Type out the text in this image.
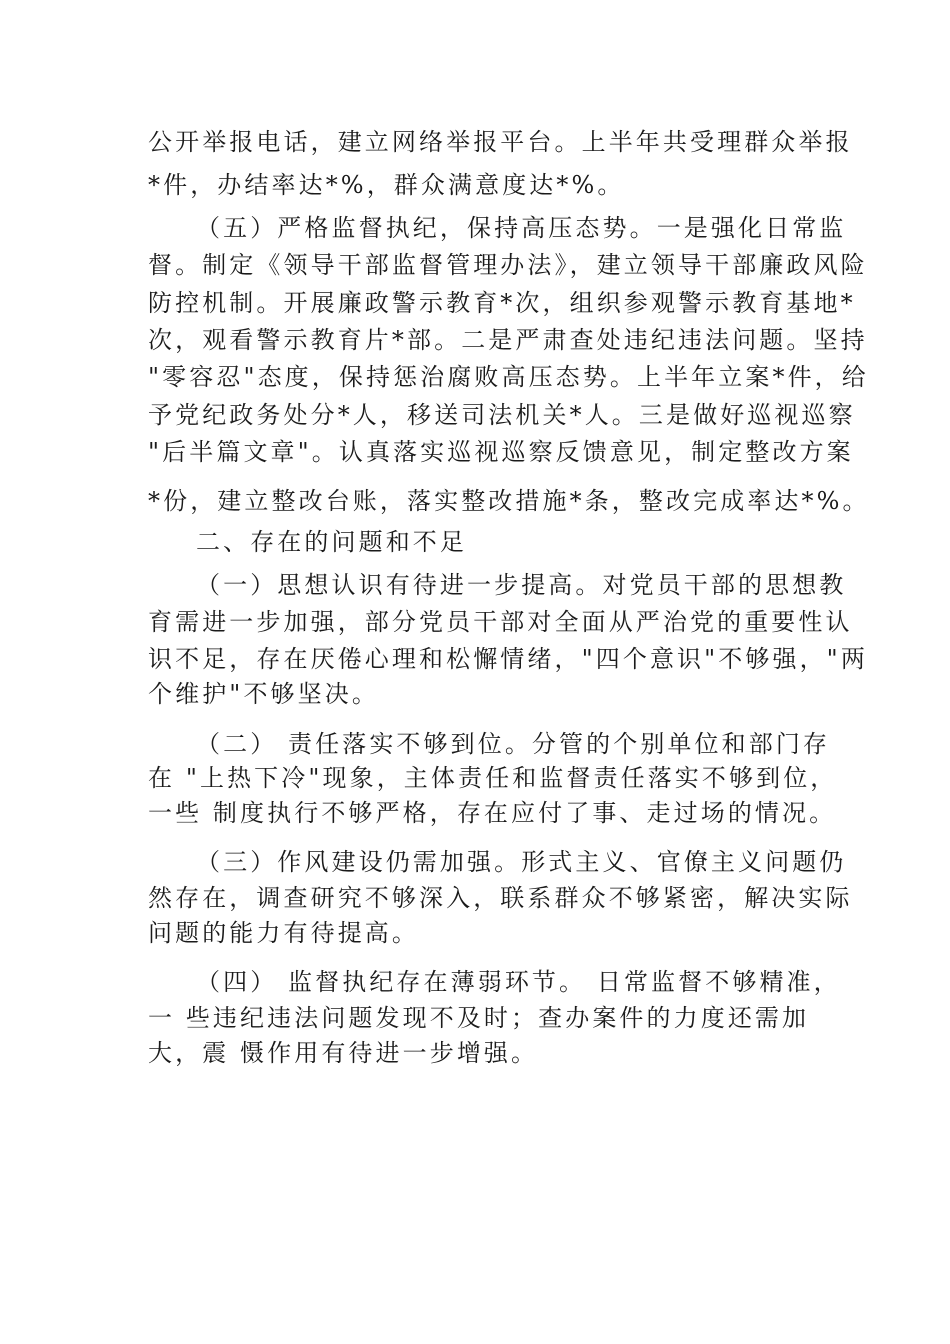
公开举报电话，建立网络举报平台。上半年共受理群众举报
*件，办结率达*%，群众满意度达*%。
（五）严格监督执纪，保持高压态势。一是强化日常监
督。制定《领导干部监督管理办法》，建立领导干部廉政风险
防控机制。开展廉政警示教育*次，组织参观警示教育基地*
次，观看警示教育片*部。二是严肃查处违纪违法问题。坚持
"零容忍"态度，保持惩治腐败高压态势。上半年立案*件，给
予党纪政务处分*人，移送司法机关*人。三是做好巡视巡察
"后半篇文章"。认真落实巡视巡察反馈意见，制定整改方案
*份，建立整改台账，落实整改措施*条，整改完成率达*%。
二、存在的问题和不足
（一）思想认识有待进一步提高。对党员干部的思想教
育需进一步加强，部分党员干部对全面从严治党的重要性认
识不足，存在厌倦心理和松懈情绪，"四个意识"不够强，"两
个维护"不够坚决。
（二） 责任落实不够到位。分管的个别单位和部门存
在 "上热下冷"现象，主体责任和监督责任落实不够到位，
一些 制度执行不够严格，存在应付了事、走过场的情况。
（三）作风建设仍需加强。形式主义、官僚主义问题仍
然存在，调查研究不够深入，联系群众不够紧密，解决实际
问题的能力有待提高。
（四） 监督执纪存在薄弱环节。 日常监督不够精准，
一 些违纪违法问题发现不及时；查办案件的力度还需加
大，震 慑作用有待进一步增强。
